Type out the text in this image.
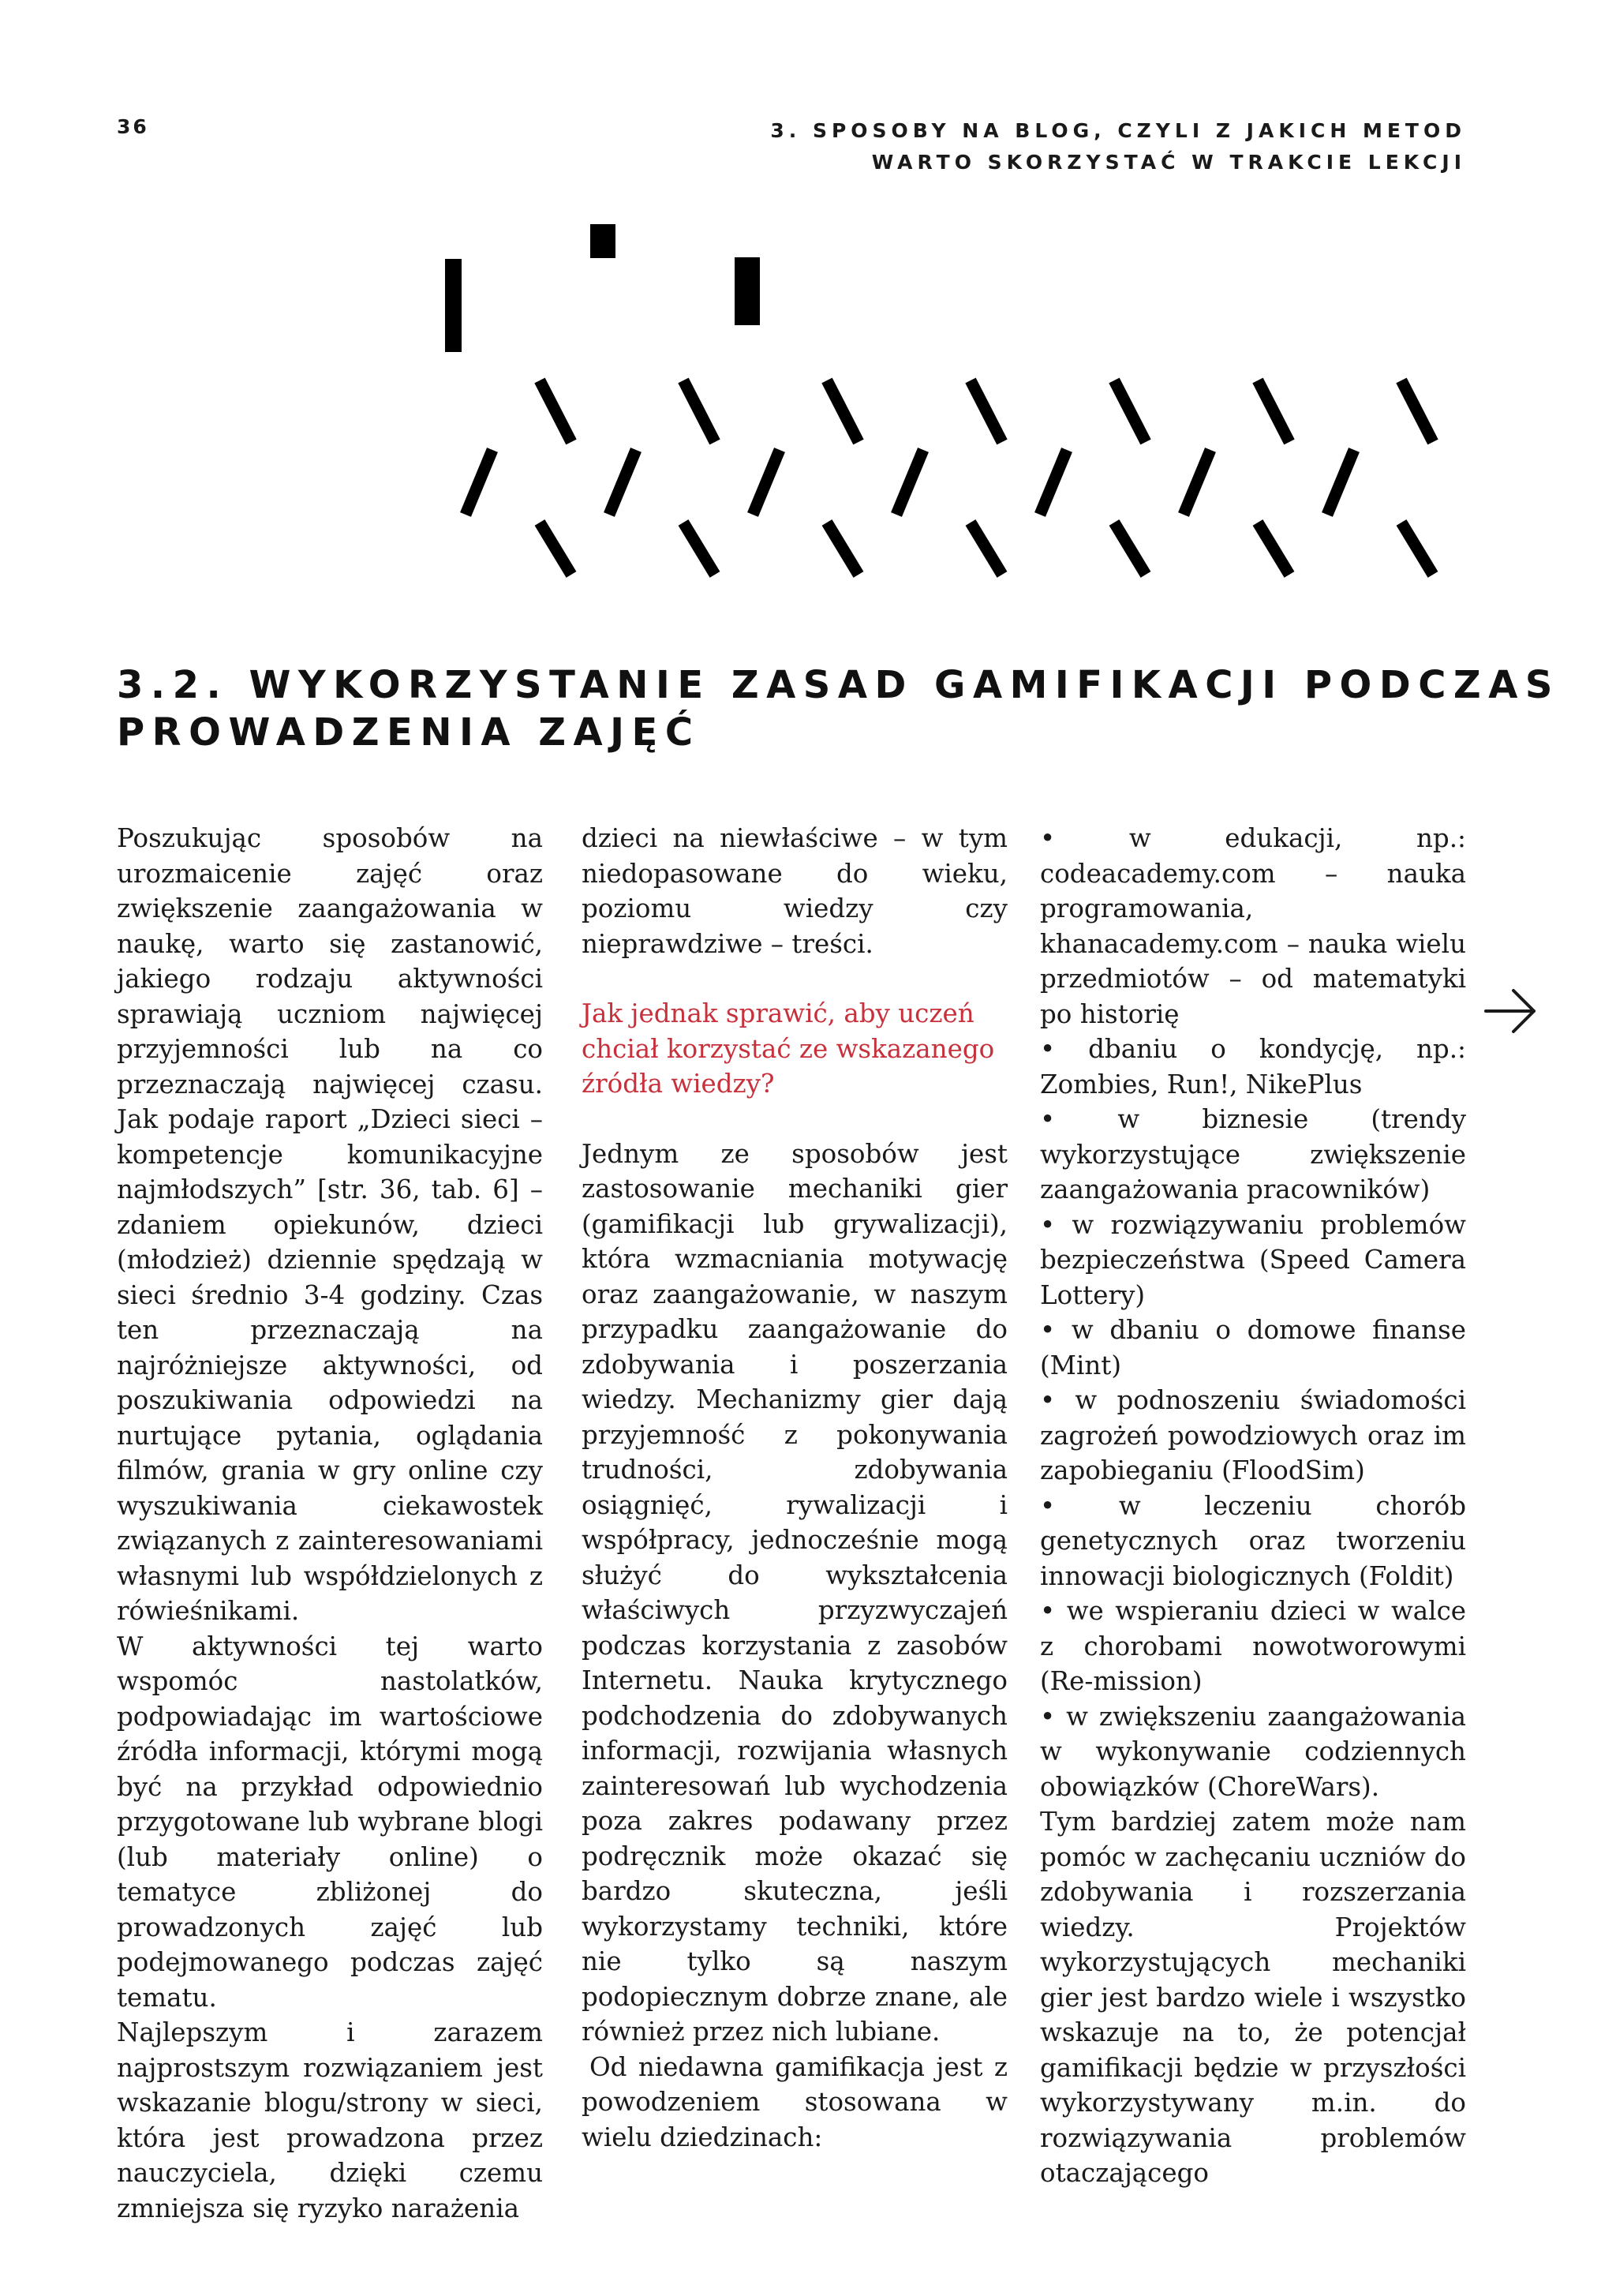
36	3. SPOSOBY NA BLOG, CZYLI Z JAKICH METOD
WARTO SKORZYSTAĆ W TRAKCIE LEKCJI
3.2. WYKORZYSTANIE ZASAD GAMIFIKACJI PODCZAS
PROWADZENIA ZAJĘĆ

Poszukując sposobów na urozmaicenie zajęć oraz zwiększenie zaangażowania w naukę, warto się zastanowić, jakiego rodzaju aktywności sprawiają uczniom najwięcej przyjemności lub na co przeznaczają najwięcej czasu. Jak podaje raport „Dzieci sieci – kompetencje komunikacyjne najmłodszych” [str. 36, tab. 6] – zdaniem opiekunów, dzieci (młodzież) dziennie spędzają w sieci średnio 3-4 godziny. Czas ten przeznaczają na najróżniejsze aktywności, od poszukiwania odpowiedzi na nurtujące pytania, oglądania filmów, grania w gry online czy wyszukiwania ciekawostek związanych z zainteresowaniami własnymi lub współdzielonych z rówieśnikami.

W aktywności tej warto wspomóc nastolatków, podpowiadając im wartościowe źródła informacji, którymi mogą być na przykład odpowiednio przygotowane lub wybrane blogi (lub materiały online) o tematyce zbliżonej do prowadzonych zajęć lub podejmowanego podczas zajęć tematu.

Najlepszym i zarazem najprostszym rozwiązaniem jest wskazanie blogu/strony w sieci, która jest prowadzona przez nauczyciela, dzięki czemu zmniejsza się ryzyko narażenia

dzieci na niewłaściwe – w tym niedopasowane do wieku, poziomu wiedzy czy nieprawdziwe – treści.

Jak jednak sprawić, aby uczeń chciał korzystać ze wskazanego źródła wiedzy?

Jednym ze sposobów jest zastosowanie mechaniki gier (gamifikacji lub grywalizacji), która wzmacniania motywację oraz zaangażowanie, w naszym przypadku zaangażowanie do zdobywania i poszerzania wiedzy. Mechanizmy gier dają przyjemność z pokonywania trudności, zdobywania osiągnięć, rywalizacji i współpracy, jednocześnie mogą służyć do wykształcenia właściwych przyzwyczajeń podczas korzystania z zasobów Internetu. Nauka krytycznego podchodzenia do zdobywanych informacji, rozwijania własnych zainteresowań lub wychodzenia poza zakres podawany przez podręcznik może okazać się bardzo skuteczna, jeśli wykorzystamy techniki, które nie tylko są naszym podopiecznym dobrze znane, ale również przez nich lubiane.

Od niedawna gamifikacja jest z powodzeniem stosowana w wielu dziedzinach:

• w edukacji, np.: codeacademy.com – nauka programowania, khanacademy.com – nauka wielu przedmiotów – od matematyki po historię
• dbaniu o kondycję, np.: Zombies, Run!, NikePlus
• w biznesie (trendy wykorzystujące zwiększenie zaangażowania pracowników)
• w rozwiązywaniu problemów bezpieczeństwa (Speed Camera Lottery)
• w dbaniu o domowe finanse (Mint)
• w podnoszeniu świadomości zagrożeń powodziowych oraz im zapobieganiu (FloodSim)
• w leczeniu chorób genetycznych oraz tworzeniu innowacji biologicznych (Foldit)
• we wspieraniu dzieci w walce z chorobami nowotworowymi (Re-mission)
• w zwiększeniu zaangażowania w wykonywanie codziennych obowiązków (ChoreWars).

Tym bardziej zatem może nam pomóc w zachęcaniu uczniów do zdobywania i rozszerzania wiedzy. Projektów wykorzystujących mechaniki gier jest bardzo wiele i wszystko wskazuje na to, że potencjał gamifikacji będzie w przyszłości wykorzystywany m.in. do rozwiązywania problemów otaczającego
